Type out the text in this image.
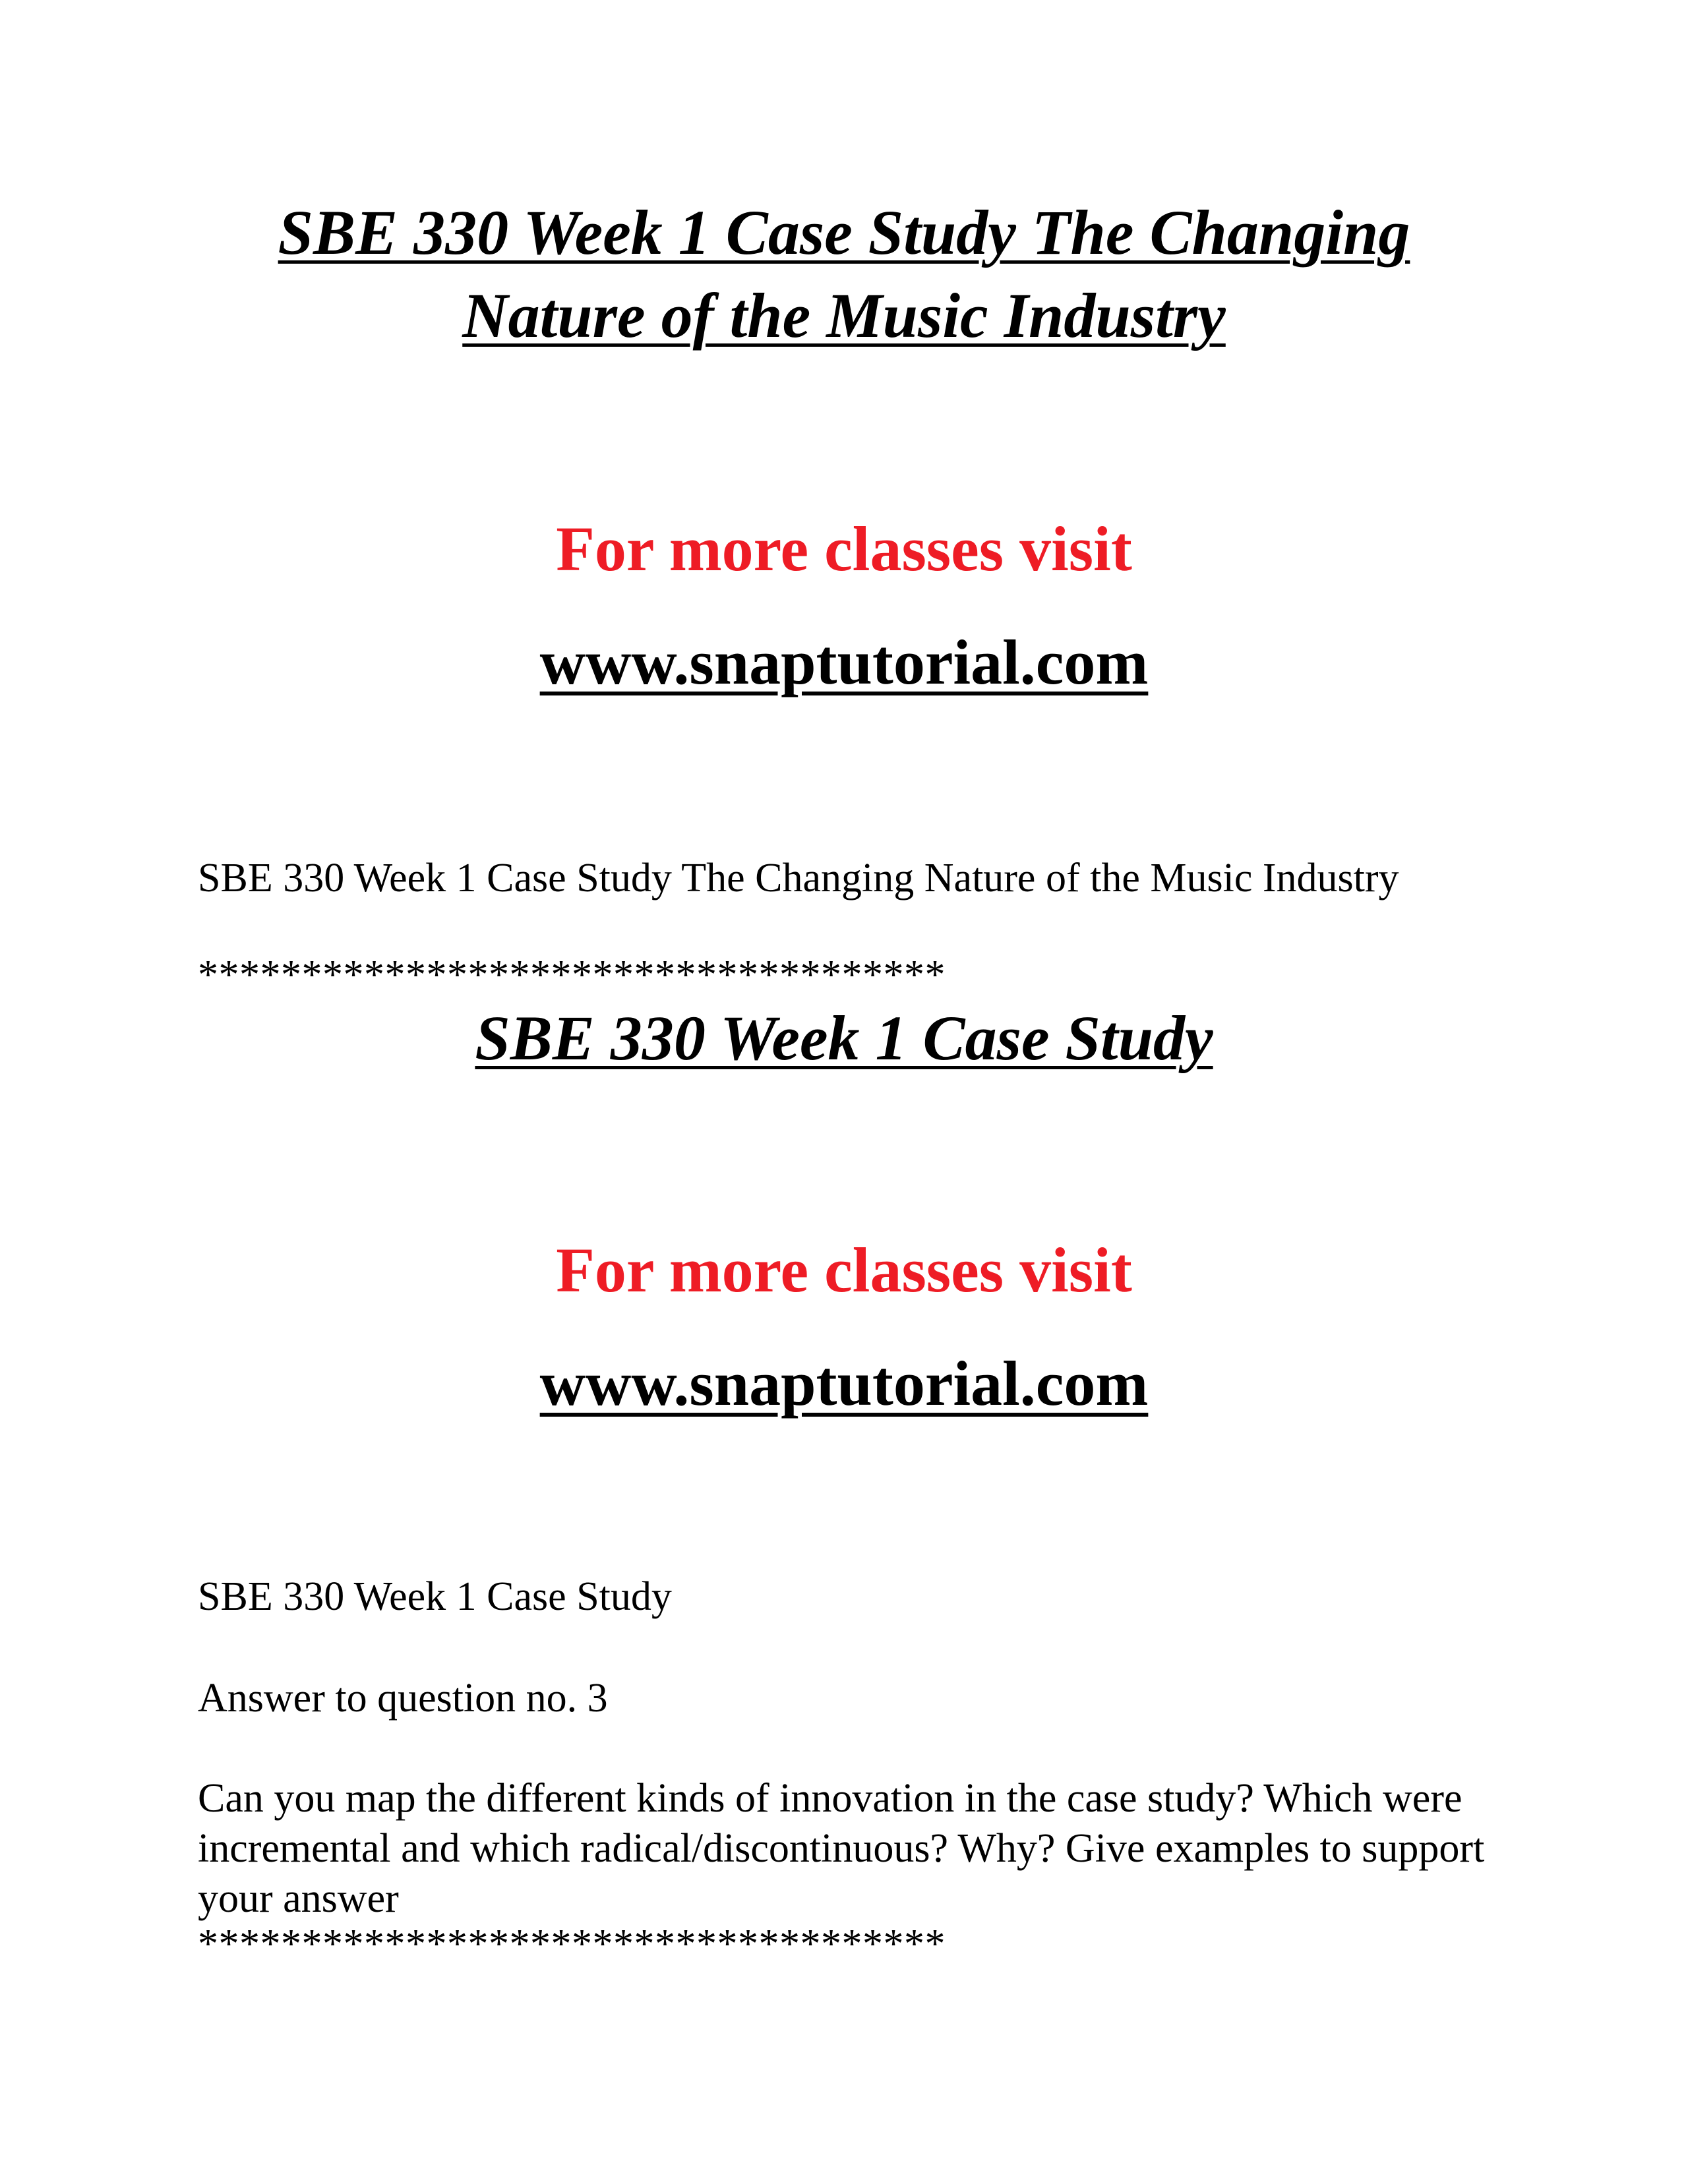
SBE 330 Week 1 Case Study The Changing Nature of the Music Industry
For more classes visit
www.snaptutorial.com

SBE 330 Week 1 Case Study The Changing Nature of the Music Industry

************************************
SBE 330 Week 1 Case Study
For more classes visit
www.snaptutorial.com

SBE 330 Week 1 Case Study

Answer to question no. 3

Can you map the different kinds of innovation in the case study? Which were incremental and which radical/discontinuous? Why? Give examples to support your answer

************************************
